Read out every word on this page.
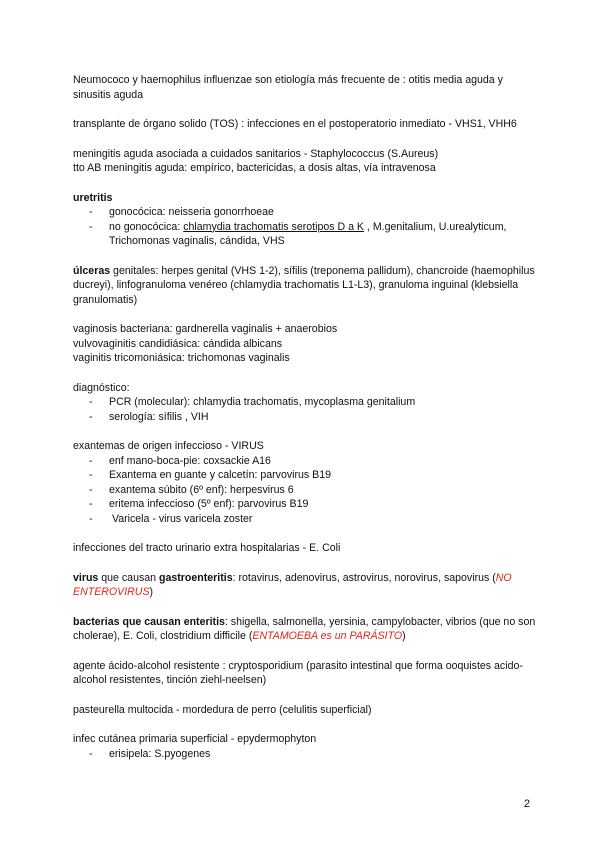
Neumococo y haemophilus influenzae son etiología más frecuente de : otitis media aguda y sinusitis aguda

transplante de órgano solido (TOS) : infecciones en el postoperatorio inmediato - VHS1, VHH6

meningitis aguda asociada a cuidados sanitarios - Staphylococcus (S.Aureus)

tto AB meningitis aguda: empírico, bactericidas, a dosis altas, vía intravenosa

uretritis

- gonocócica: neisseria gonorrhoeae
- no gonocócica: chlamydia trachomatis serotipos D a K , M.genitalium, U.urealyticum, Trichomonas vaginalis, cándida, VHS

úlceras genitales: herpes genital (VHS 1-2), sífilis (treponema pallidum), chancroide (haemophilus ducreyi), linfogranuloma venéreo (chlamydia trachomatis L1-L3), granuloma inguinal (klebsiella granulomatis)

vaginosis bacteriana: gardnerella vaginalis + anaerobios

vulvovaginitis candidiásica: cándida albicans

vaginitis tricomoniásica: trichomonas vaginalis

diagnóstico:

- PCR (molecular): chlamydia trachomatis, mycoplasma genitalium
- serología: sífilis , VIH

exantemas de origen infeccioso - VIRUS

- enf mano-boca-pie: coxsackie A16
- Exantema en guante y calcetín: parvovirus B19
- exantema súbito (6º enf): herpesvirus 6
- eritema infeccioso (5º enf): parvovirus B19
-  Varicela - virus varicela zoster

infecciones del tracto urinario extra hospitalarias - E. Coli

virus que causan gastroenteritis: rotavirus, adenovirus, astrovirus, norovirus, sapovirus (NO ENTEROVIRUS)

bacterias que causan enteritis: shigella, salmonella, yersinia, campylobacter, vibrios (que no son cholerae), E. Coli, clostridium difficile (ENTAMOEBA es un PARÁSITO)

agente ácido-alcohol resistente : cryptosporidium (parasito intestinal que forma ooquistes acido-alcohol resistentes, tinción ziehl-neelsen)

pasteurella multocida - mordedura de perro (celulitis superficial)

infec cutánea primaria superficial - epydermophyton

- erisipela: S.pyogenes
2
